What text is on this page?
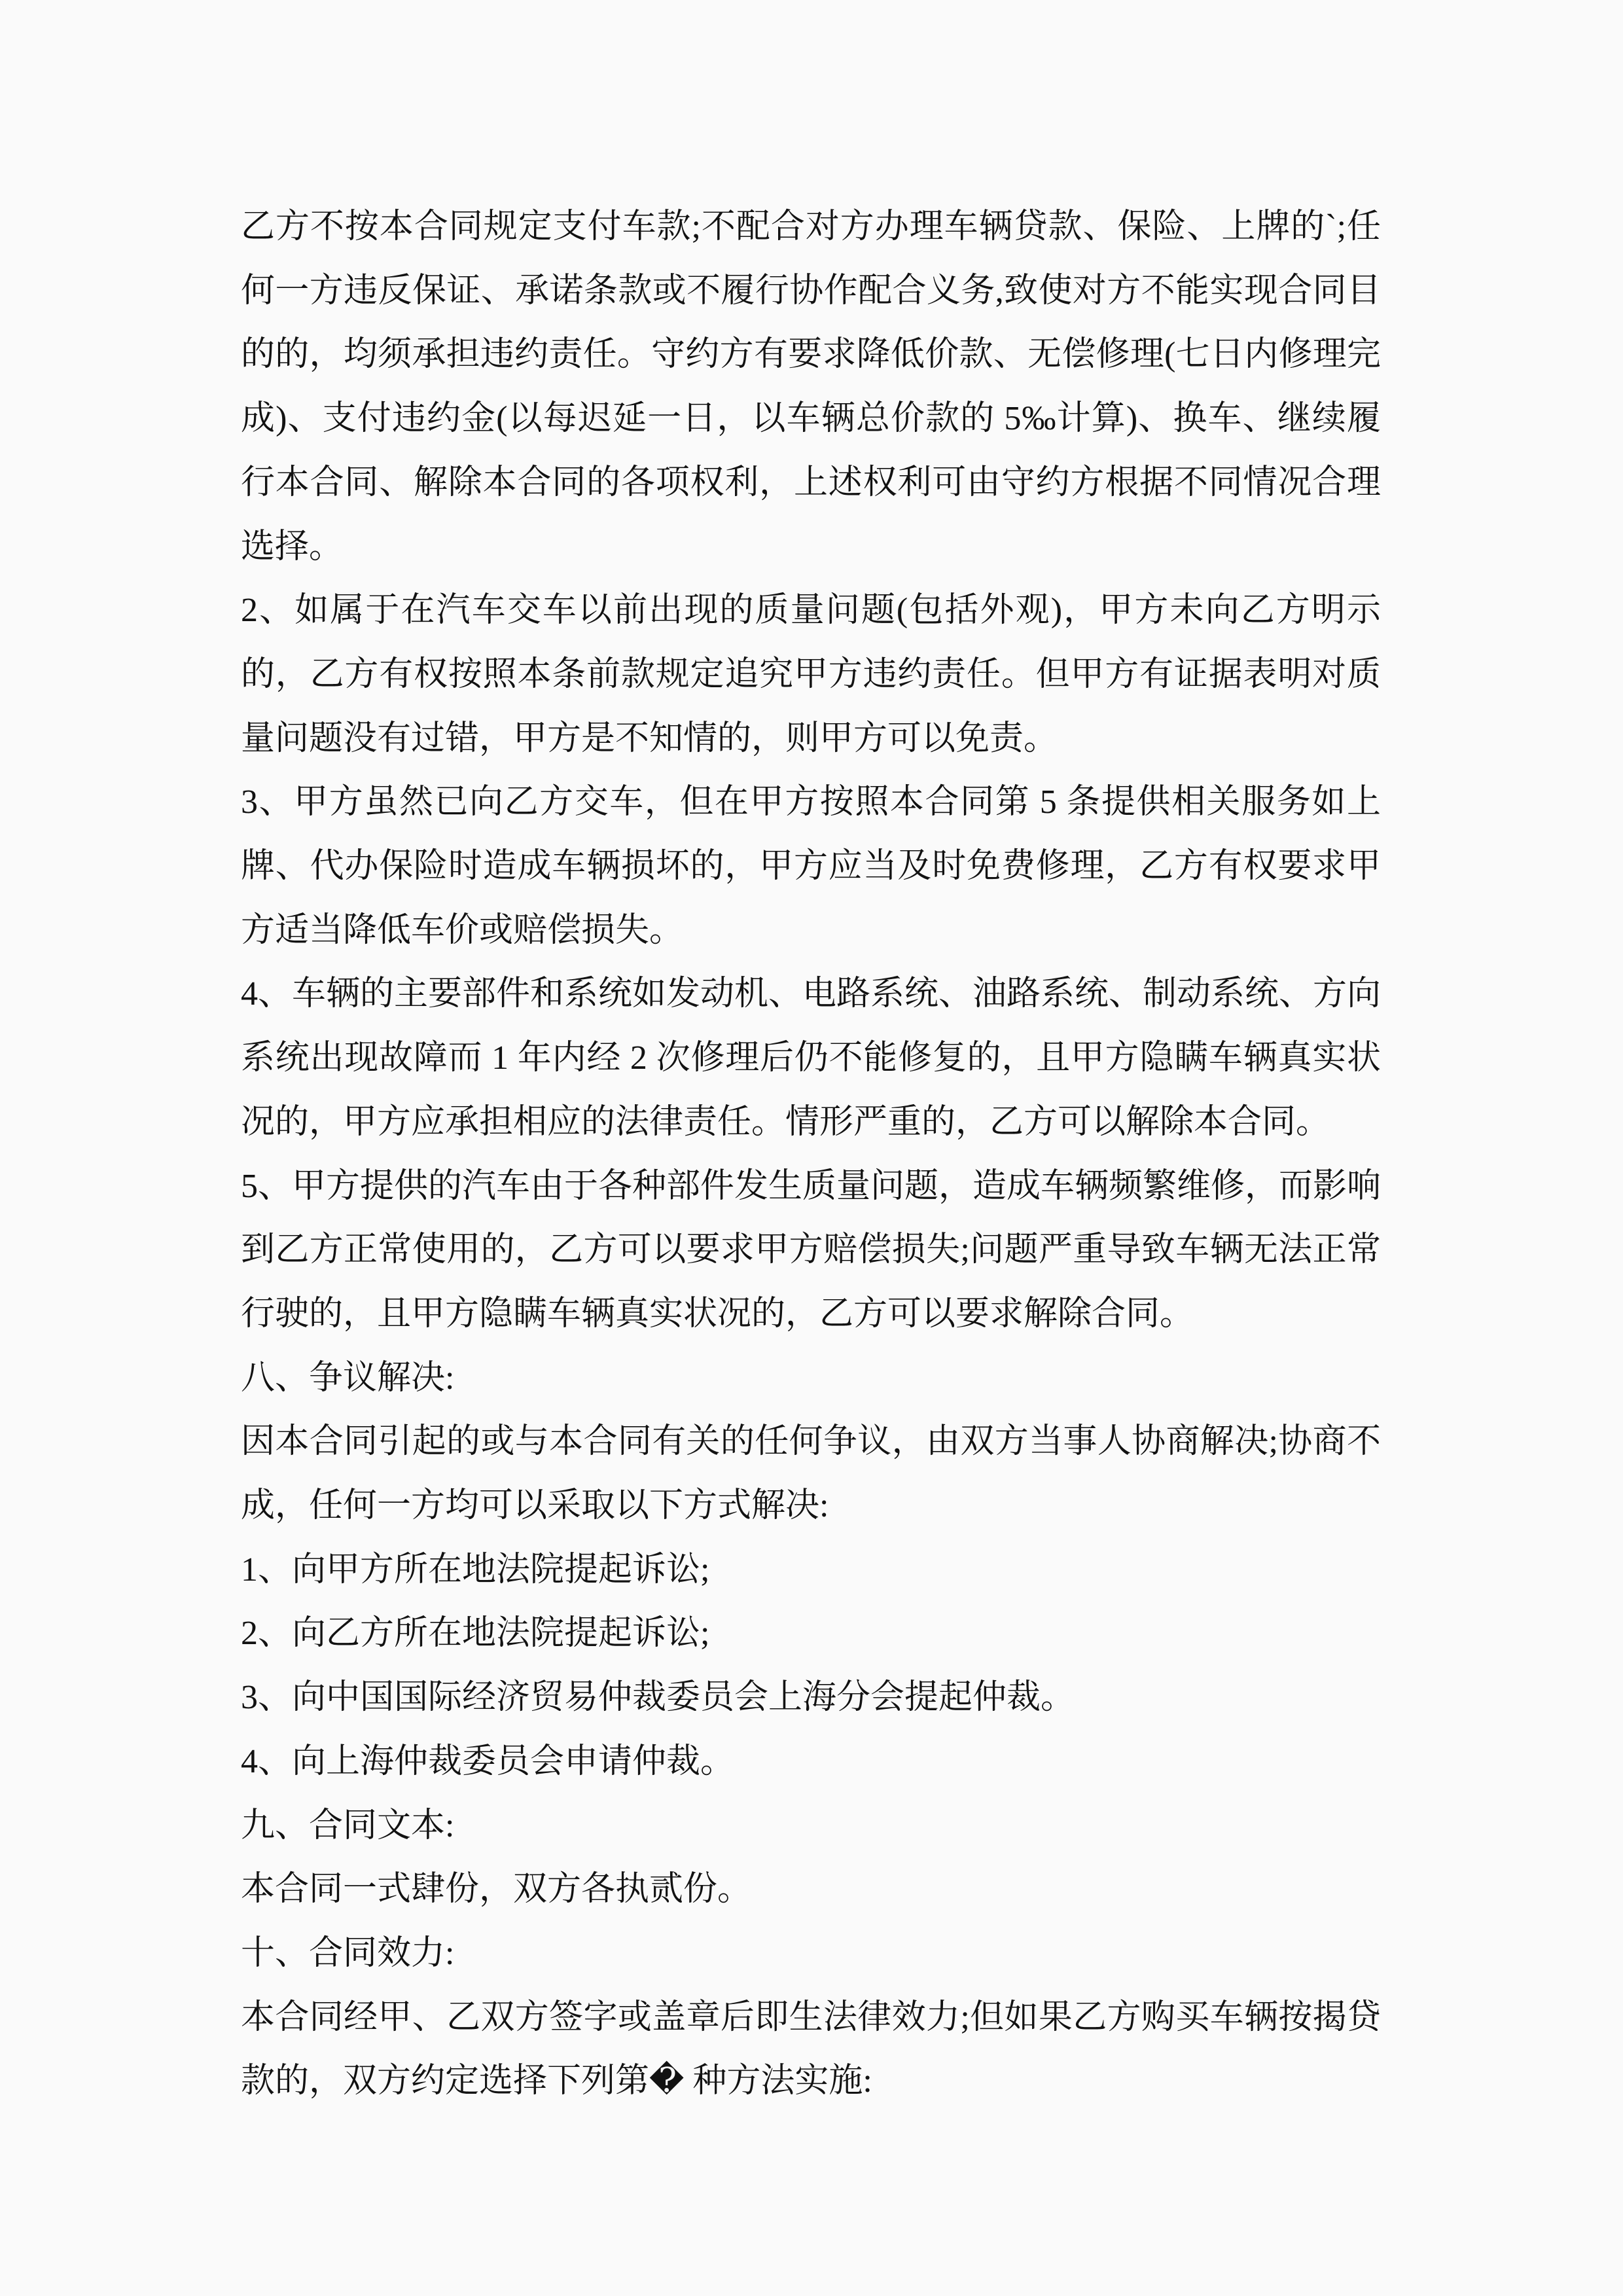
乙方不按本合同规定支付车款;不配合对方办理车辆贷款、保险、上牌的`;任何一方违反保证、承诺条款或不履行协作配合义务,致使对方不能实现合同目的的，均须承担违约责任。守约方有要求降低价款、无偿修理(七日内修理完成)、支付违约金(以每迟延一日，以车辆总价款的 5‰计算)、换车、继续履行本合同、解除本合同的各项权利，上述权利可由守约方根据不同情况合理选择。

2、如属于在汽车交车以前出现的质量问题(包括外观)，甲方未向乙方明示的，乙方有权按照本条前款规定追究甲方违约责任。但甲方有证据表明对质量问题没有过错，甲方是不知情的，则甲方可以免责。

3、甲方虽然已向乙方交车，但在甲方按照本合同第 5 条提供相关服务如上牌、代办保险时造成车辆损坏的，甲方应当及时免费修理，乙方有权要求甲方适当降低车价或赔偿损失。

4、车辆的主要部件和系统如发动机、电路系统、油路系统、制动系统、方向系统出现故障而 1 年内经 2 次修理后仍不能修复的，且甲方隐瞒车辆真实状况的，甲方应承担相应的法律责任。情形严重的，乙方可以解除本合同。

5、甲方提供的汽车由于各种部件发生质量问题，造成车辆频繁维修，而影响到乙方正常使用的，乙方可以要求甲方赔偿损失;问题严重导致车辆无法正常行驶的，且甲方隐瞒车辆真实状况的，乙方可以要求解除合同。

八、争议解决:

因本合同引起的或与本合同有关的任何争议，由双方当事人协商解决;协商不成，任何一方均可以采取以下方式解决:

1、向甲方所在地法院提起诉讼;

2、向乙方所在地法院提起诉讼;

3、向中国国际经济贸易仲裁委员会上海分会提起仲裁。

4、向上海仲裁委员会申请仲裁。

九、合同文本:

本合同一式肆份，双方各执贰份。

十、合同效力:

本合同经甲、乙双方签字或盖章后即生法律效力;但如果乙方购买车辆按揭贷款的，双方约定选择下列第� 种方法实施:
